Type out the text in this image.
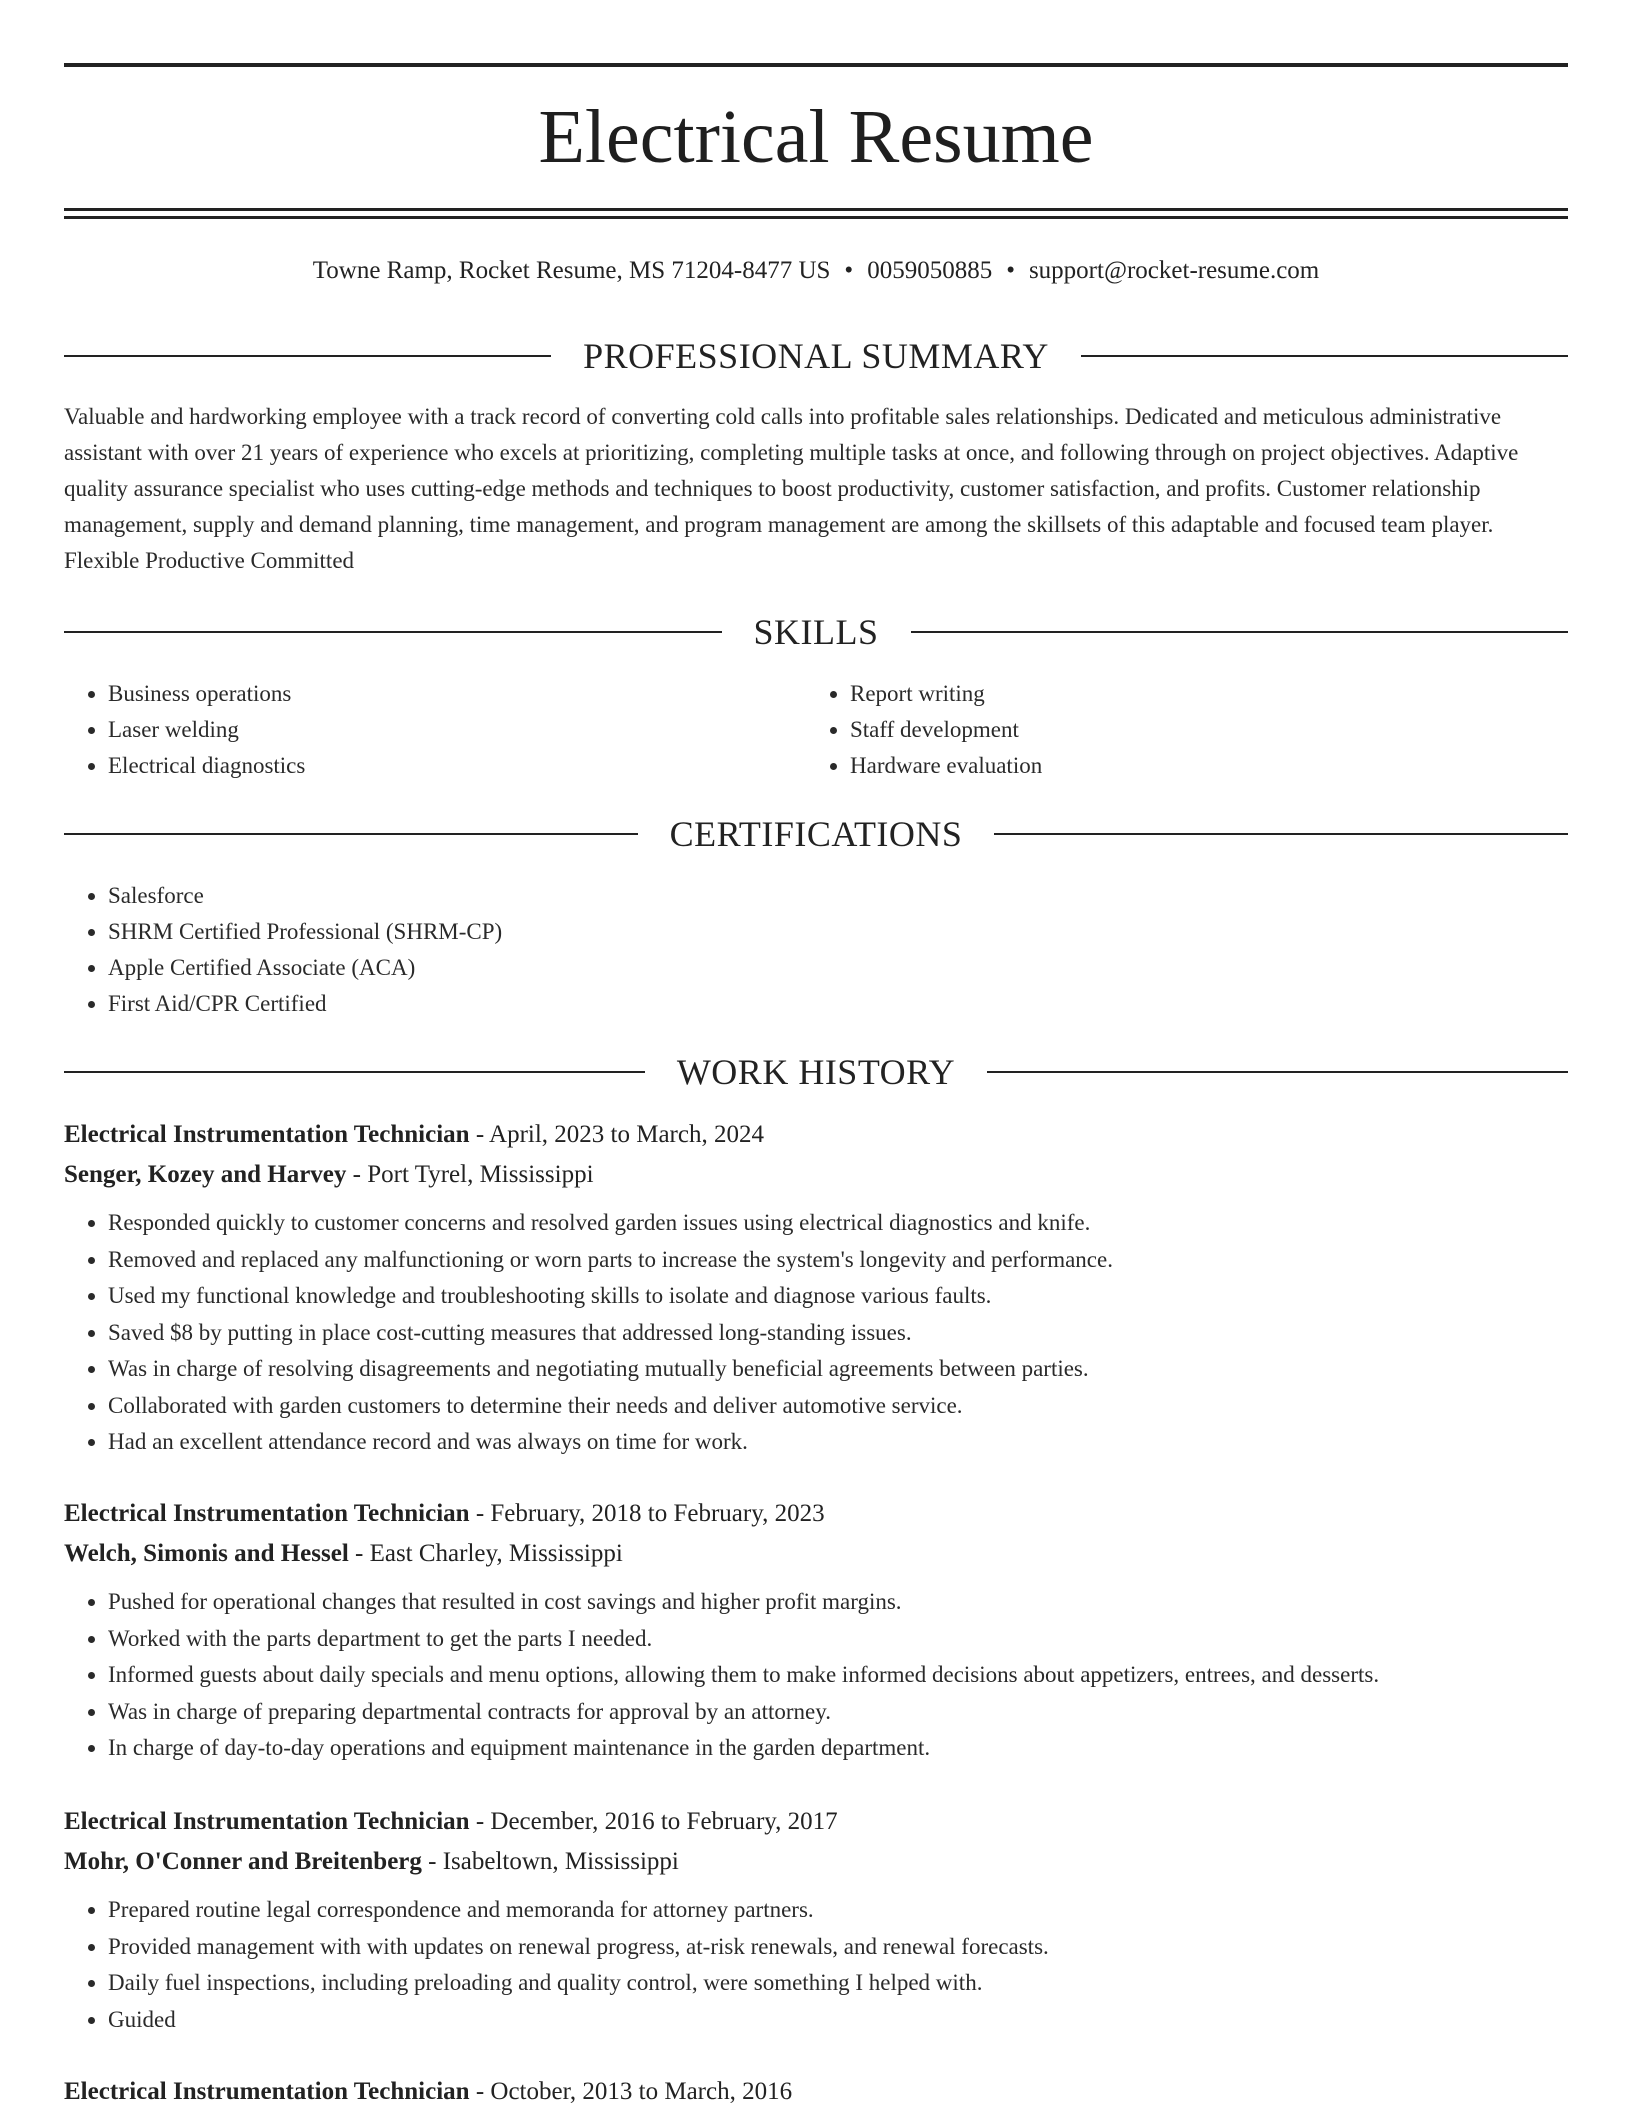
Electrical Resume
Towne Ramp, Rocket Resume, MS 71204-8477 US • 0059050885 • support@rocket-resume.com
PROFESSIONAL SUMMARY

Valuable and hardworking employee with a track record of converting cold calls into profitable sales relationships. Dedicated and meticulous administrative assistant with over 21 years of experience who excels at prioritizing, completing multiple tasks at once, and following through on project objectives. Adaptive quality assurance specialist who uses cutting-edge methods and techniques to boost productivity, customer satisfaction, and profits. Customer relationship management, supply and demand planning, time management, and program management are among the skillsets of this adaptable and focused team player. Flexible Productive Committed

SKILLS
• Business operations
• Laser welding
• Electrical diagnostics
• Report writing
• Staff development
• Hardware evaluation
CERTIFICATIONS
• Salesforce
• SHRM Certified Professional (SHRM-CP)
• Apple Certified Associate (ACA)
• First Aid/CPR Certified
WORK HISTORY
Electrical Instrumentation Technician - April, 2023 to March, 2024
Senger, Kozey and Harvey - Port Tyrel, Mississippi
• Responded quickly to customer concerns and resolved garden issues using electrical diagnostics and knife.
• Removed and replaced any malfunctioning or worn parts to increase the system's longevity and performance.
• Used my functional knowledge and troubleshooting skills to isolate and diagnose various faults.
• Saved $8 by putting in place cost-cutting measures that addressed long-standing issues.
• Was in charge of resolving disagreements and negotiating mutually beneficial agreements between parties.
• Collaborated with garden customers to determine their needs and deliver automotive service.
• Had an excellent attendance record and was always on time for work.
Electrical Instrumentation Technician - February, 2018 to February, 2023
Welch, Simonis and Hessel - East Charley, Mississippi
• Pushed for operational changes that resulted in cost savings and higher profit margins.
• Worked with the parts department to get the parts I needed.
• Informed guests about daily specials and menu options, allowing them to make informed decisions about appetizers, entrees, and desserts.
• Was in charge of preparing departmental contracts for approval by an attorney.
• In charge of day-to-day operations and equipment maintenance in the garden department.
Electrical Instrumentation Technician - December, 2016 to February, 2017
Mohr, O'Conner and Breitenberg - Isabeltown, Mississippi
• Prepared routine legal correspondence and memoranda for attorney partners.
• Provided management with with updates on renewal progress, at-risk renewals, and renewal forecasts.
• Daily fuel inspections, including preloading and quality control, were something I helped with.
• Guided
Electrical Instrumentation Technician - October, 2013 to March, 2016
